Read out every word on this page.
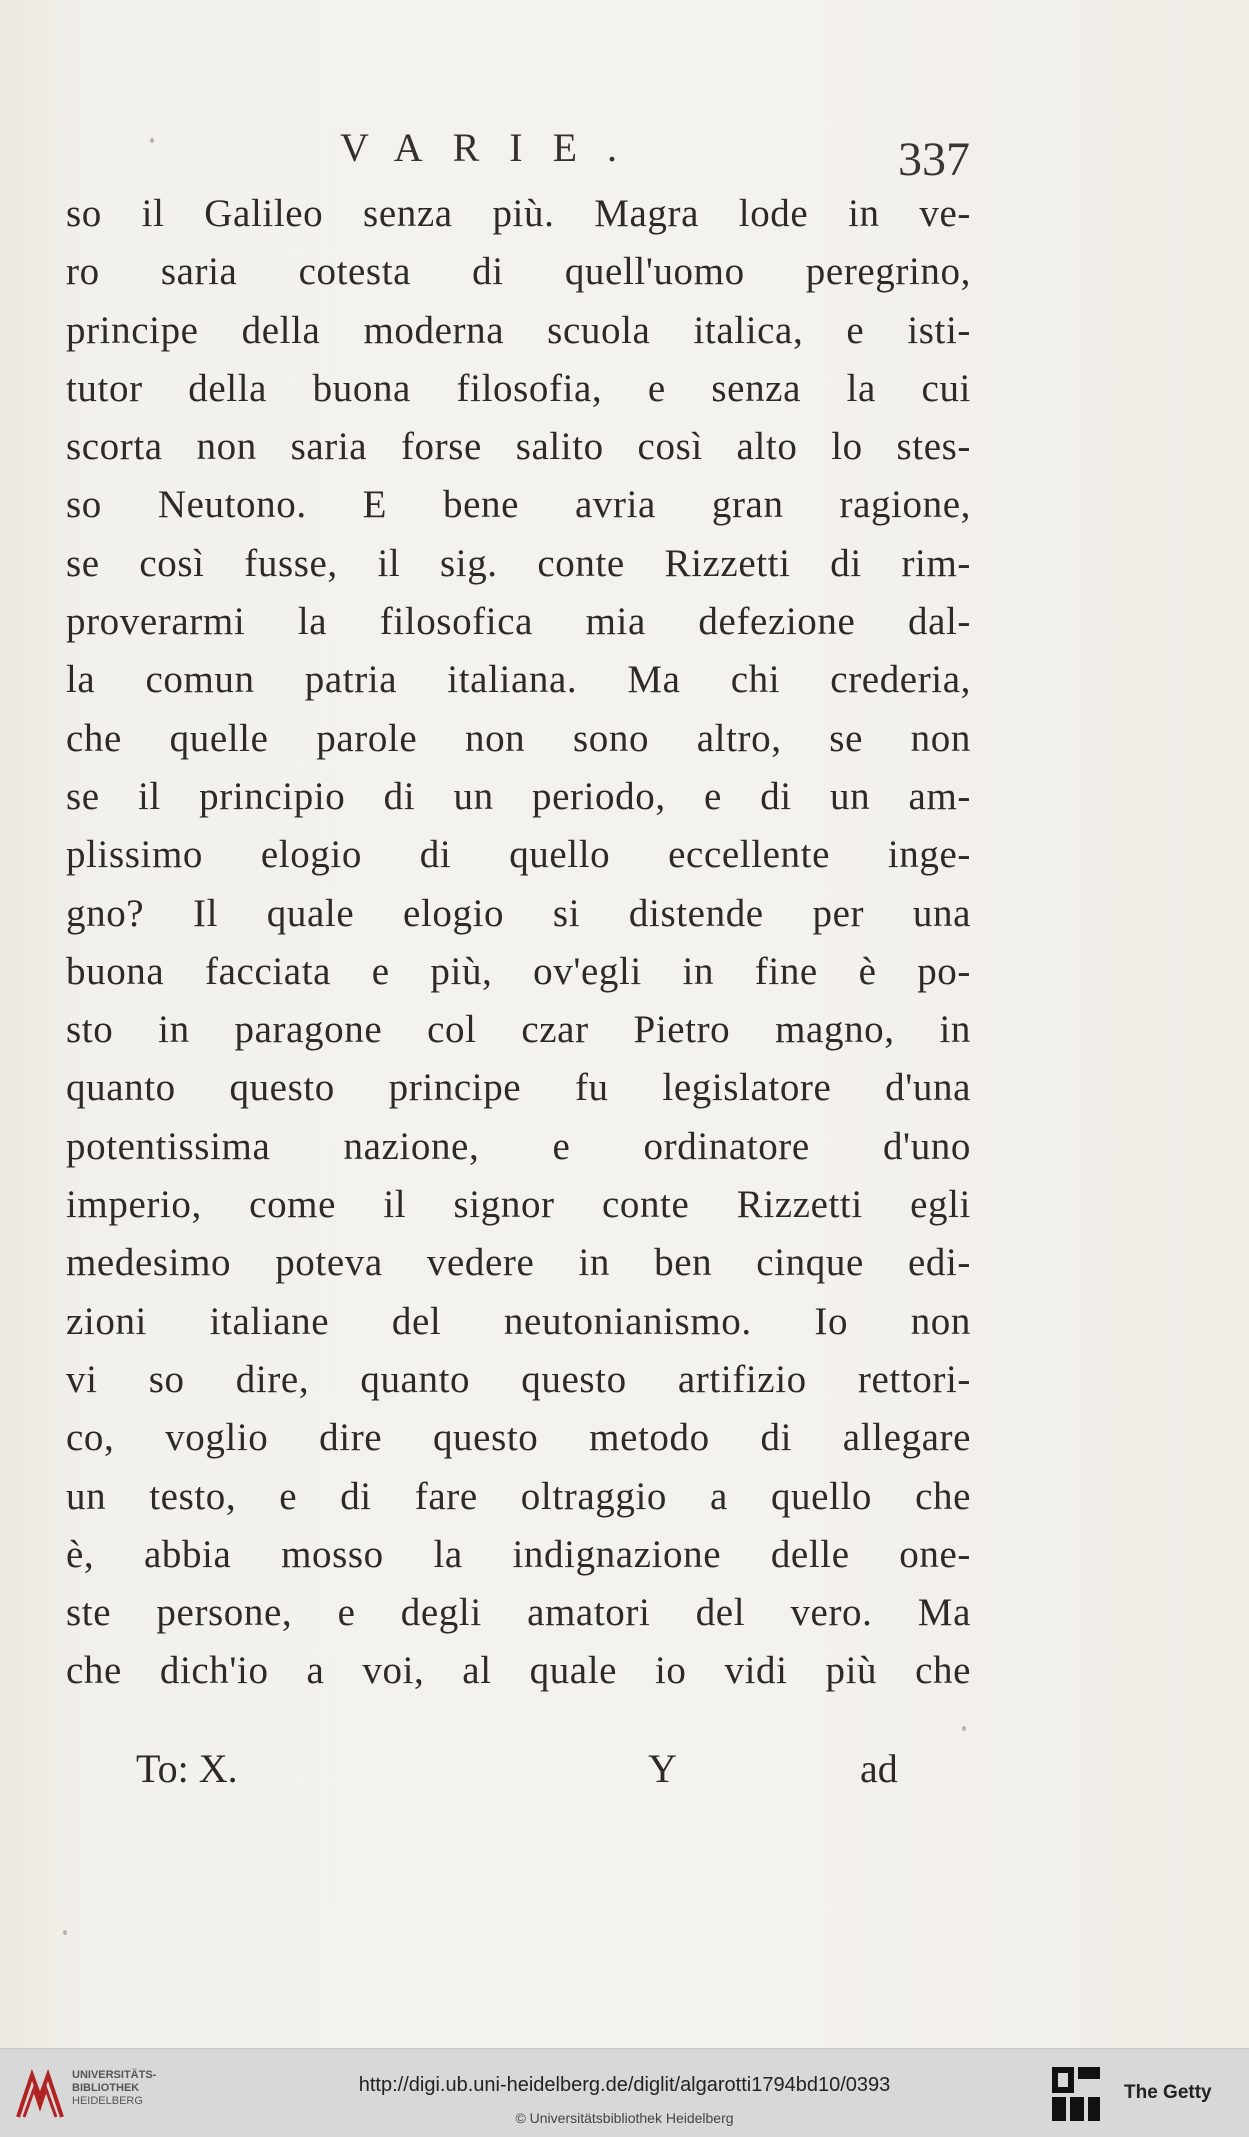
VARIE.	337
so il Galileo senza più. Magra lode in ve-
ro saria cotesta di quell'uomo peregrino,
principe della moderna scuola italica, e isti-
tutor della buona filosofia, e senza la cui
scorta non saria forse salito così alto lo stes-
so Neutono. E bene avria gran ragione,
se così fusse, il sig. conte Rizzetti di rim-
proverarmi la filosofica mia defezione dal-
la comun patria italiana. Ma chi crederia,
che quelle parole non sono altro, se non
se il principio di un periodo, e di un am-
plissimo elogio di quello eccellente inge-
gno? Il quale elogio si distende per una
buona facciata e più, ov'egli in fine è po-
sto in paragone col czar Pietro magno, in
quanto questo principe fu legislatore d'una
potentissima nazione, e ordinatore d'uno
imperio, come il signor conte Rizzetti egli
medesimo poteva vedere in ben cinque edi-
zioni italiane del neutonianismo. Io non
vi so dire, quanto questo artifizio rettori-
co, voglio dire questo metodo di allegare
un testo, e di fare oltraggio a quello che
è, abbia mosso la indignazione delle one-
ste persone, e degli amatori del vero. Ma
che dich'io a voi, al quale io vidi più che
To: X.	Y	ad
UNIVERSITÄTS-
BIBLIOTHEK
HEIDELBERG
http://digi.ub.uni-heidelberg.de/diglit/algarotti1794bd10/0393
© Universitätsbibliothek Heidelberg
The Getty
